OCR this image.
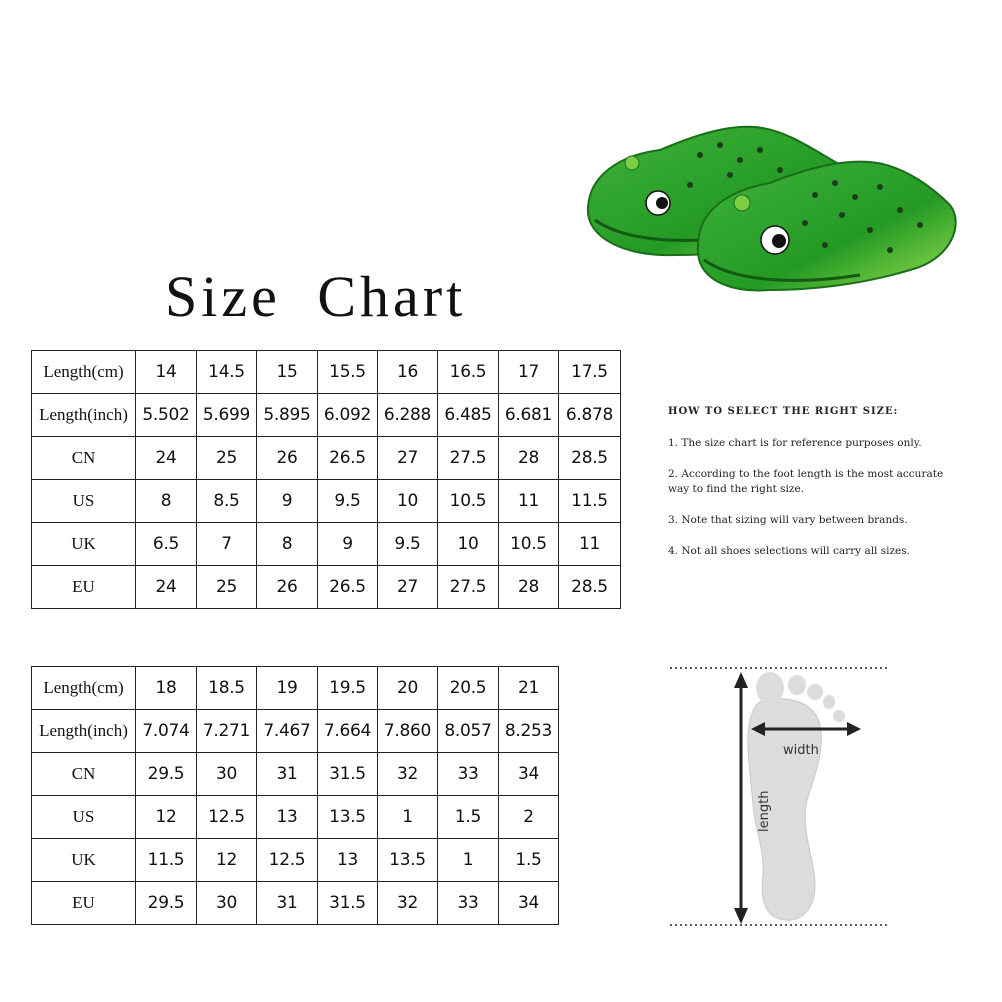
Size Chart
Length(cm)	14	14.5	15	15.5	16	16.5	17	17.5
Length(inch)	5.502	5.699	5.895	6.092	6.288	6.485	6.681	6.878
CN	24	25	26	26.5	27	27.5	28	28.5
US	8	8.5	9	9.5	10	10.5	11	11.5
UK	6.5	7	8	9	9.5	10	10.5	11
EU	24	25	26	26.5	27	27.5	28	28.5
Length(cm)	18	18.5	19	19.5	20	20.5	21
Length(inch)	7.074	7.271	7.467	7.664	7.860	8.057	8.253
CN	29.5	30	31	31.5	32	33	34
US	12	12.5	13	13.5	1	1.5	2
UK	11.5	12	12.5	13	13.5	1	1.5
EU	29.5	30	31	31.5	32	33	34
HOW TO SELECT THE RIGHT SIZE:
1. The size chart is for reference purposes only.
2. According to the foot length is the most accurate way to find the right size.
3. Note that sizing will vary between brands.
4. Not all shoes selections will carry all sizes.
width
length
